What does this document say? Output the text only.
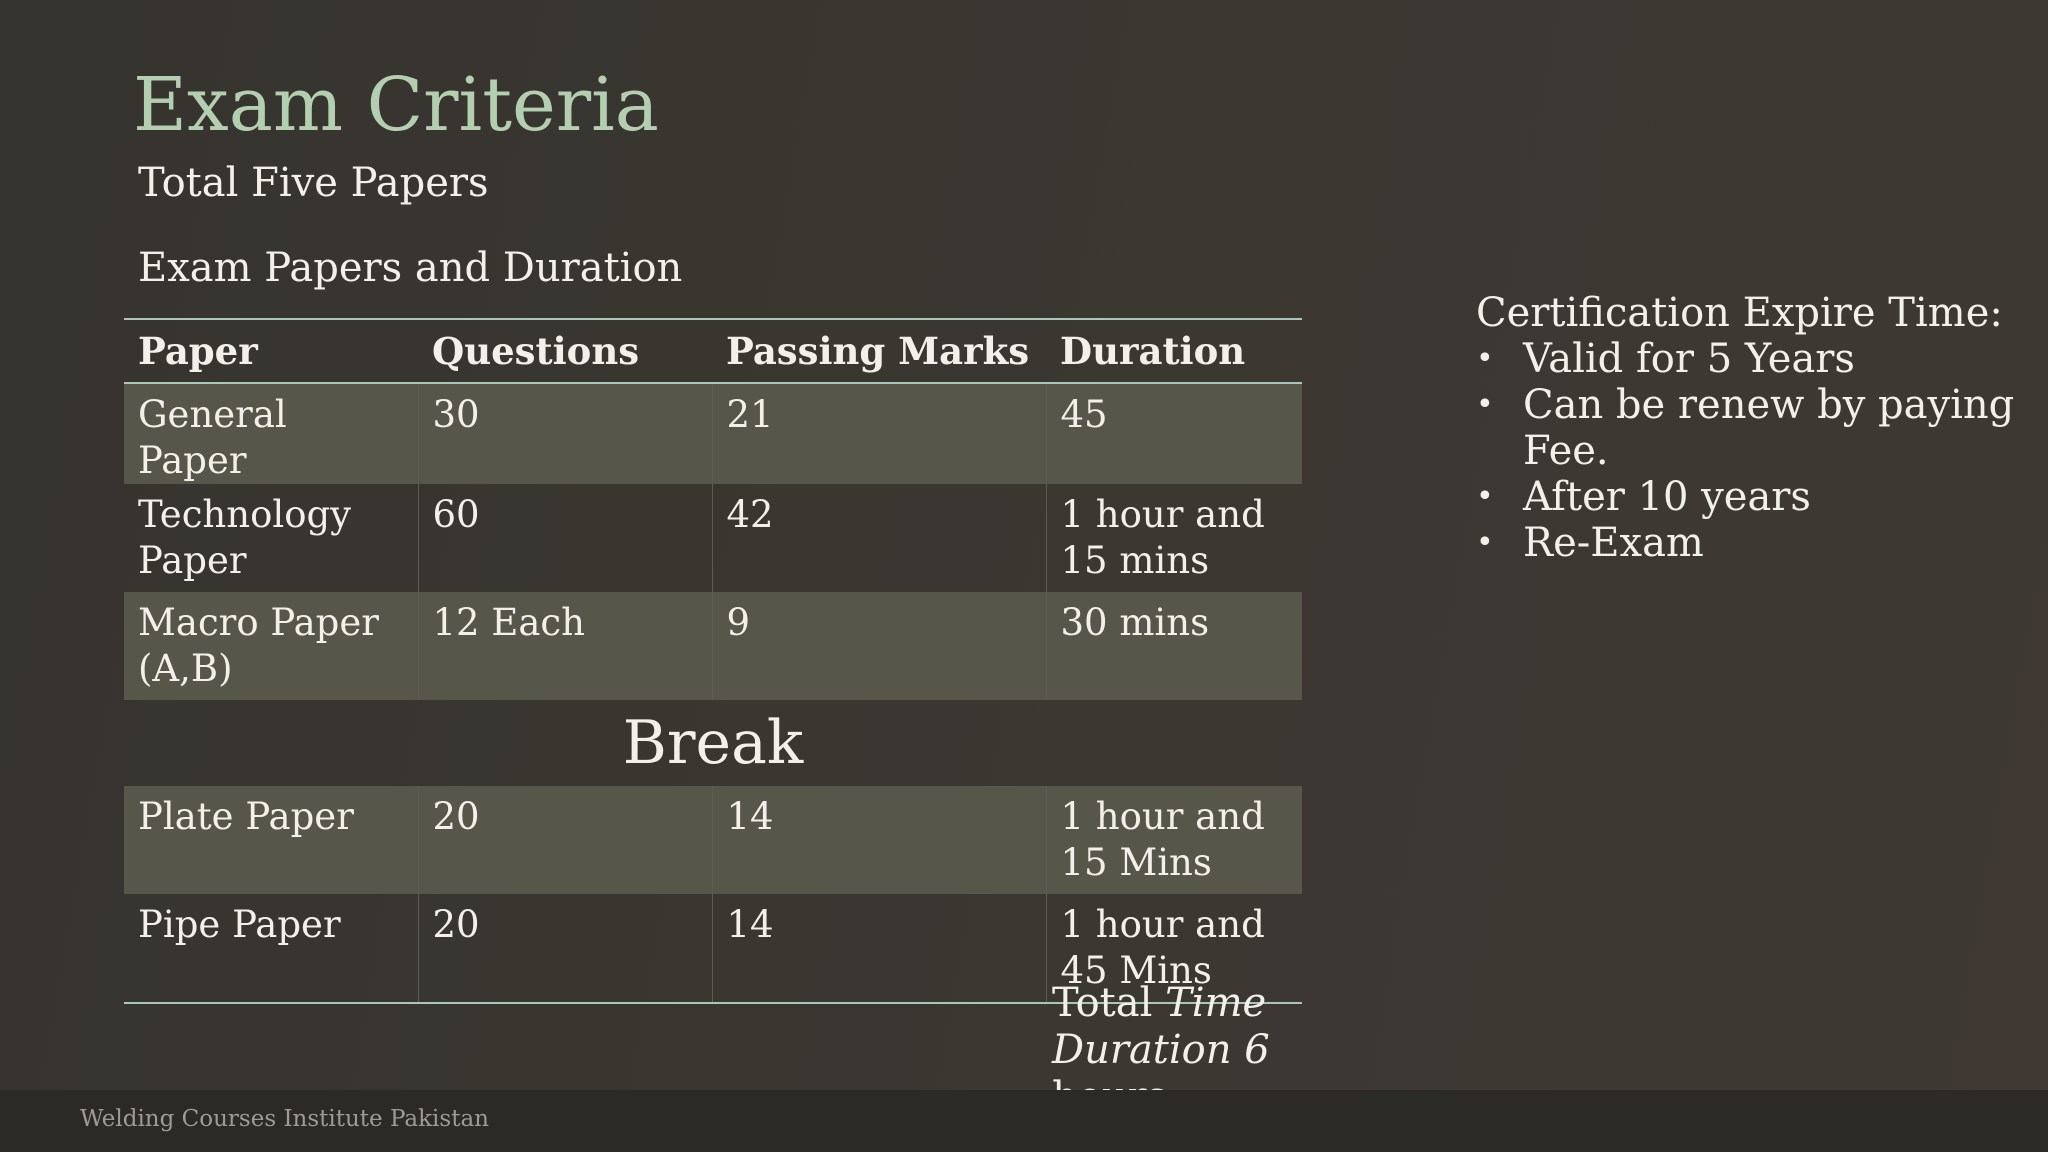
Exam Criteria
Total Five Papers
Exam Papers and Duration
Paper	Questions	Passing Marks	Duration
General Paper	30	21	45
Technology Paper	60	42	1 hour and 15 mins
Macro Paper (A,B)	12 Each	9	30 mins
Break			
Plate Paper	20	14	1 hour and 15 Mins
Pipe Paper	20	14	1 hour and 45 Mins
Total Time Duration 6
Certification Expire Time:
• Valid for 5 Years
• Can be renew by paying Fee.
• After 10 years
• Re-Exam
Welding Courses Institute Pakistan
